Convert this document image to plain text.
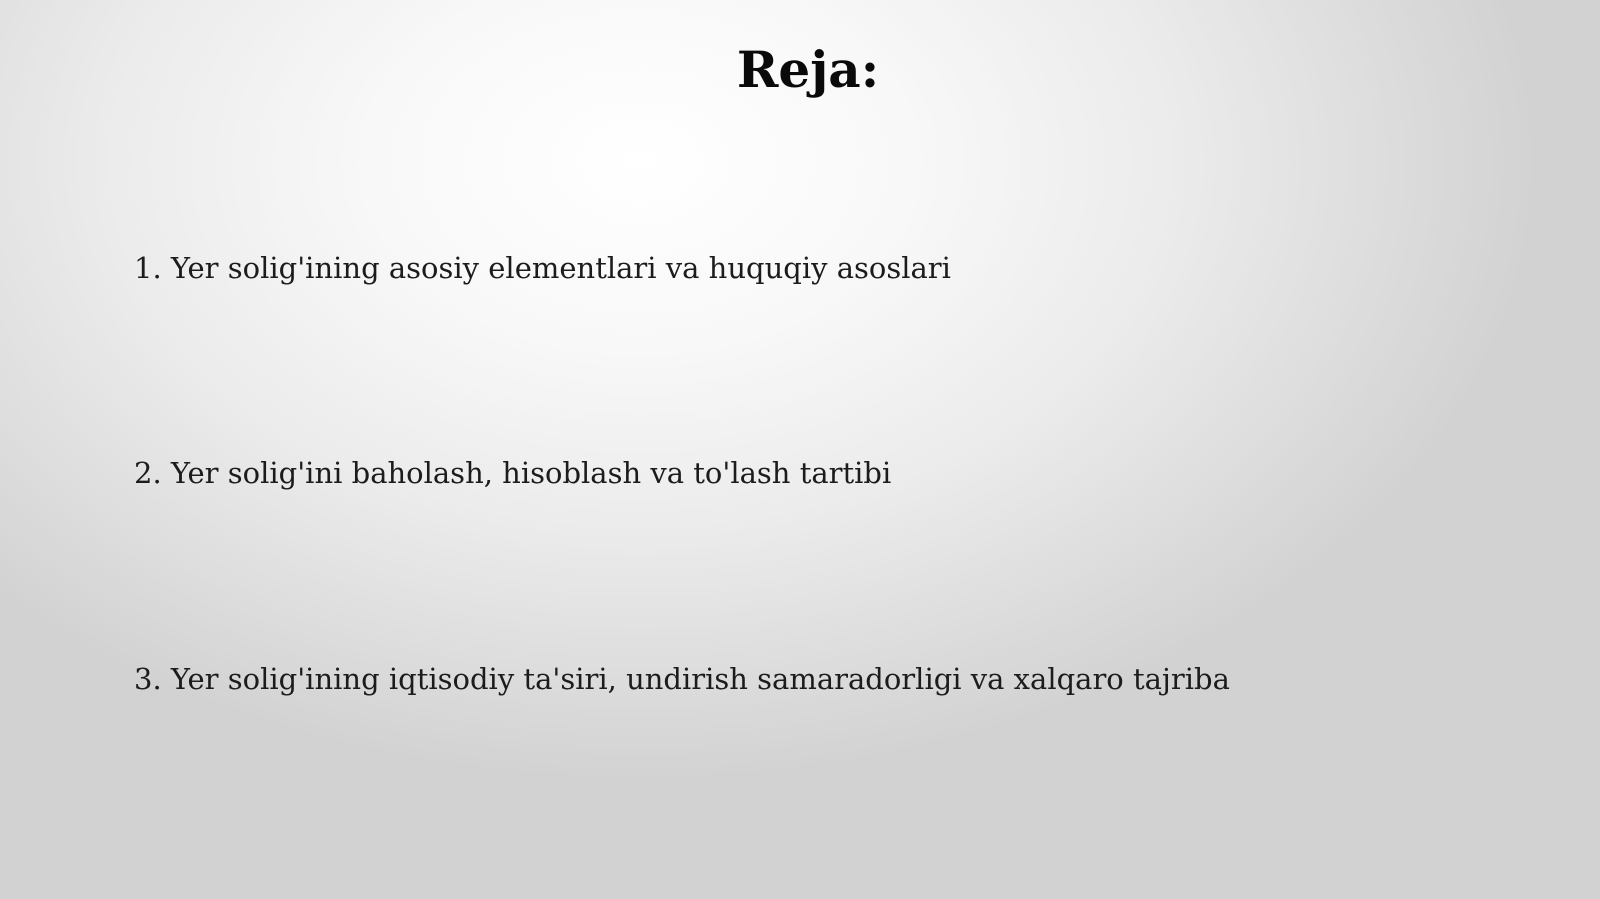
Reja:
1. Yer solig'ining asosiy elementlari va huquqiy asoslari
2. Yer solig'ini baholash, hisoblash va to'lash tartibi
3. Yer solig'ining iqtisodiy ta'siri, undirish samaradorligi va xalqaro tajriba
